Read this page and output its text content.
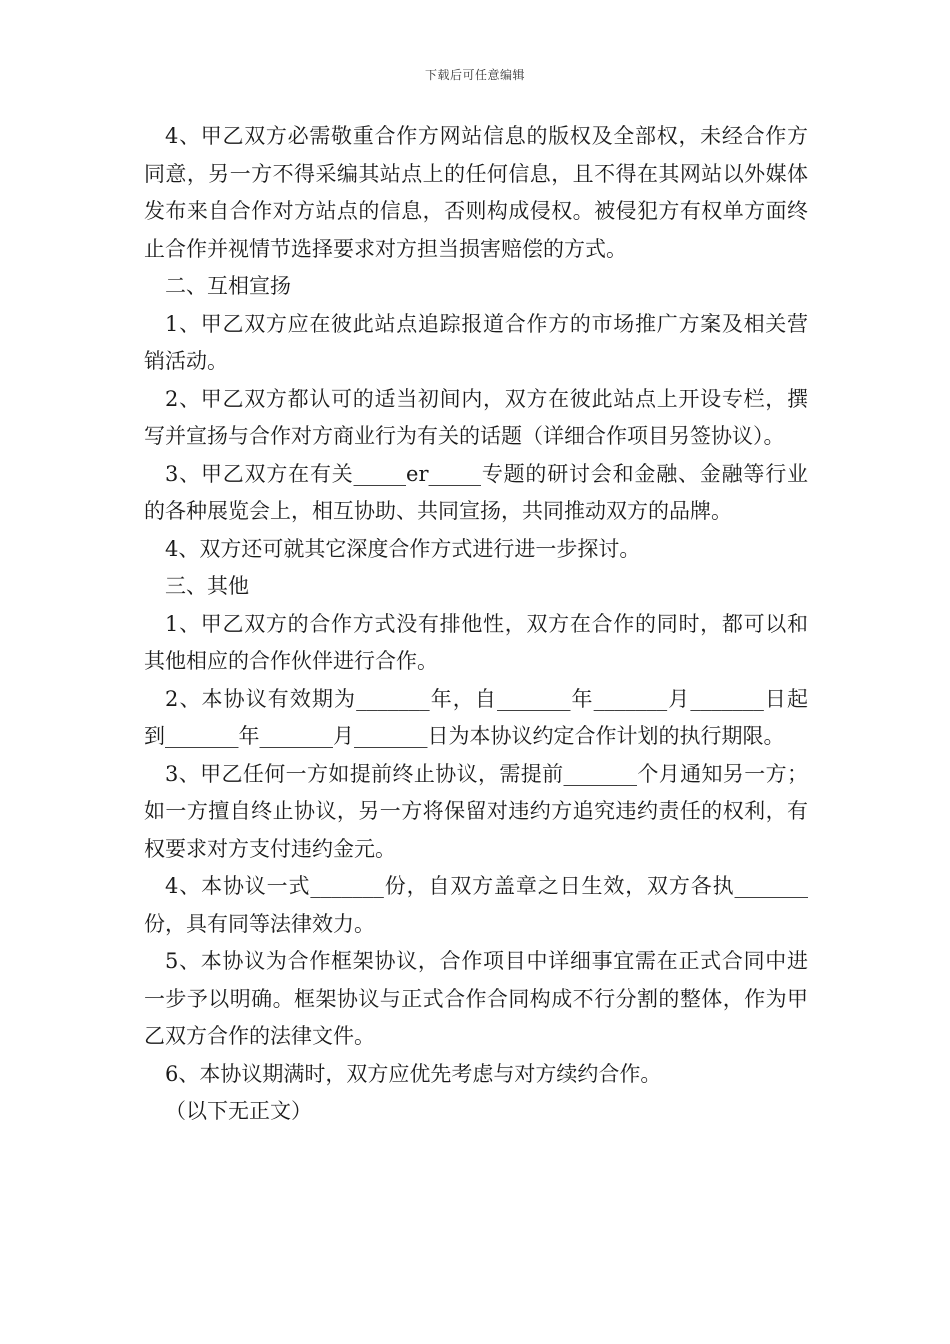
下载后可任意编辑

4、甲乙双方必需敬重合作方网站信息的版权及全部权，未经合作方同意，另一方不得采编其站点上的任何信息，且不得在其网站以外媒体发布来自合作对方站点的信息，否则构成侵权。被侵犯方有权单方面终止合作并视情节选择要求对方担当损害赔偿的方式。

二、互相宣扬

1、甲乙双方应在彼此站点追踪报道合作方的市场推广方案及相关营销活动。

2、甲乙双方都认可的适当初间内，双方在彼此站点上开设专栏，撰写并宣扬与合作对方商业行为有关的话题（详细合作项目另签协议）。

3、甲乙双方在有关_____er_____专题的研讨会和金融、金融等行业的各种展览会上，相互协助、共同宣扬，共同推动双方的品牌。

4、双方还可就其它深度合作方式进行进一步探讨。

三、其他

1、甲乙双方的合作方式没有排他性，双方在合作的同时，都可以和其他相应的合作伙伴进行合作。

2、本协议有效期为_______年，自_______年_______月_______日起到_______年_______月_______日为本协议约定合作计划的执行期限。

3、甲乙任何一方如提前终止协议，需提前_______个月通知另一方；如一方擅自终止协议，另一方将保留对违约方追究违约责任的权利，有权要求对方支付违约金元。

4、本协议一式_______份，自双方盖章之日生效，双方各执_______份，具有同等法律效力。

5、本协议为合作框架协议，合作项目中详细事宜需在正式合同中进一步予以明确。框架协议与正式合作合同构成不行分割的整体，作为甲乙双方合作的法律文件。

6、本协议期满时，双方应优先考虑与对方续约合作。

（以下无正文）
